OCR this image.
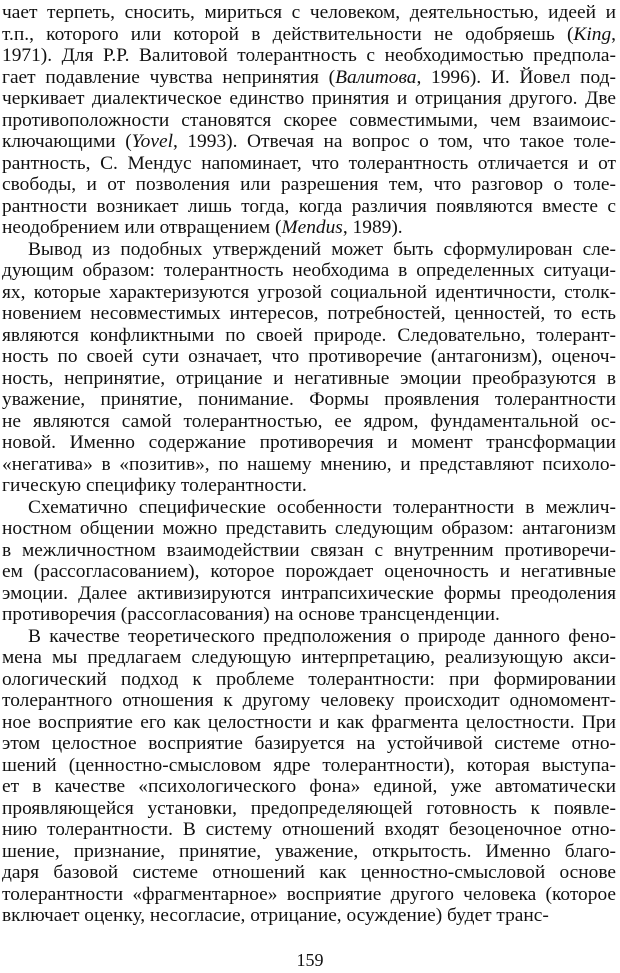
чает терпеть, сносить, мириться с человеком, деятельностью, идеей и
т.п., которого или которой в действительности не одобряешь (King,
1971). Для Р.Р. Валитовой толерантность с необходимостью предпола-
гает подавление чувства непринятия (Валитова, 1996). И. Йовел под-
черкивает диалектическое единство принятия и отрицания другого. Две
противоположности становятся скорее совместимыми, чем взаимоис-
ключающими (Yovel, 1993). Отвечая на вопрос о том, что такое толе-
рантность, С. Мендус напоминает, что толерантность отличается и от
свободы, и от позволения или разрешения тем, что разговор о толе-
рантности возникает лишь тогда, когда различия появляются вместе с
неодобрением или отвращением (Mendus, 1989).
Вывод из подобных утверждений может быть сформулирован сле-
дующим образом: толерантность необходима в определенных ситуаци-
ях, которые характеризуются угрозой социальной идентичности, столк-
новением несовместимых интересов, потребностей, ценностей, то есть
являются конфликтными по своей природе. Следовательно, толерант-
ность по своей сути означает, что противоречие (антагонизм), оценоч-
ность, непринятие, отрицание и негативные эмоции преобразуются в
уважение, принятие, понимание. Формы проявления толерантности
не являются самой толерантностью, ее ядром, фундаментальной ос-
новой. Именно содержание противоречия и момент трансформации
«негатива» в «позитив», по нашему мнению, и представляют психоло-
гическую специфику толерантности.
Схематично специфические особенности толерантности в межлич-
ностном общении можно представить следующим образом: антагонизм
в межличностном взаимодействии связан с внутренним противоречи-
ем (рассогласованием), которое порождает оценочность и негативные
эмоции. Далее активизируются интрапсихические формы преодоления
противоречия (рассогласования) на основе трансценденции.
В качестве теоретического предположения о природе данного фено-
мена мы предлагаем следующую интерпретацию, реализующую акси-
ологический подход к проблеме толерантности: при формировании
толерантного отношения к другому человеку происходит одномомент-
ное восприятие его как целостности и как фрагмента целостности. При
этом целостное восприятие базируется на устойчивой системе отно-
шений (ценностно-смысловом ядре толерантности), которая выступа-
ет в качестве «психологического фона» единой, уже автоматически
проявляющейся установки, предопределяющей готовность к появле-
нию толерантности. В систему отношений входят безоценочное отно-
шение, признание, принятие, уважение, открытость. Именно благо-
даря базовой системе отношений как ценностно-смысловой основе
толерантности «фрагментарное» восприятие другого человека (которое
включает оценку, несогласие, отрицание, осуждение) будет транс-
159
